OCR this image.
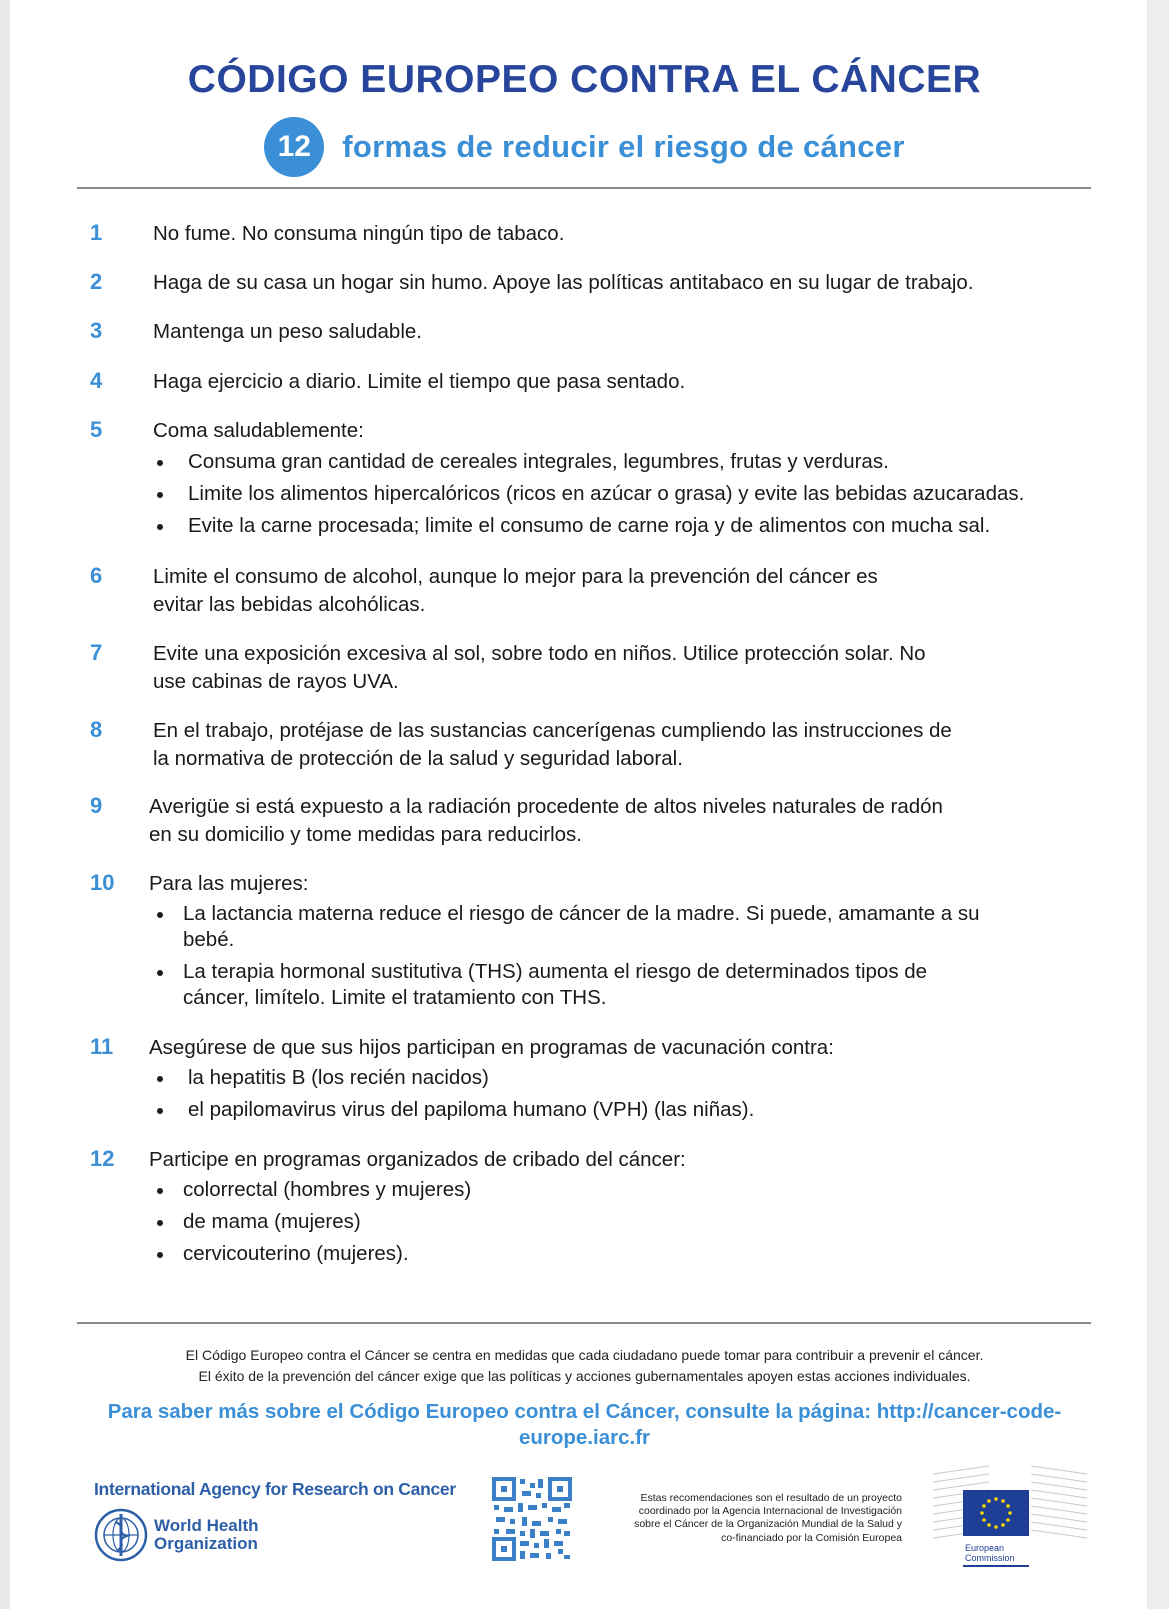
CÓDIGO EUROPEO CONTRA EL CÁNCER
12	formas de reducir el riesgo de cáncer
1 No fume. No consuma ningún tipo de tabaco.
2 Haga de su casa un hogar sin humo. Apoye las políticas antitabaco en su lugar de trabajo.
3 Mantenga un peso saludable.
4 Haga ejercicio a diario. Limite el tiempo que pasa sentado.
5 Coma saludablemente:
Consuma gran cantidad de cereales integrales, legumbres, frutas y verduras.
Limite los alimentos hipercalóricos (ricos en azúcar o grasa) y evite las bebidas azucaradas.
Evite la carne procesada; limite el consumo de carne roja y de alimentos con mucha sal.
6 Limite el consumo de alcohol, aunque lo mejor para la prevención del cáncer es
evitar las bebidas alcohólicas.
7 Evite una exposición excesiva al sol, sobre todo en niños. Utilice protección solar. No
use cabinas de rayos UVA.
8 En el trabajo, protéjase de las sustancias cancerígenas cumpliendo las instrucciones de
la normativa de protección de la salud y seguridad laboral.
9 Averigüe si está expuesto a la radiación procedente de altos niveles naturales de radón
en su domicilio y tome medidas para reducirlos.
10 Para las mujeres:
La lactancia materna reduce el riesgo de cáncer de la madre. Si puede, amamante a su bebé.
La terapia hormonal sustitutiva (THS) aumenta el riesgo de determinados tipos de cáncer, limítelo. Limite el tratamiento con THS.
11 Asegúrese de que sus hijos participan en programas de vacunación contra:
la hepatitis B (los recién nacidos)
el papilomavirus virus del papiloma humano (VPH) (las niñas).
12 Participe en programas organizados de cribado del cáncer:
colorrectal (hombres y mujeres)
de mama (mujeres)
cervicouterino (mujeres).
El Código Europeo contra el Cáncer se centra en medidas que cada ciudadano puede tomar para contribuir a prevenir el cáncer.
El éxito de la prevención del cáncer exige que las políticas y acciones gubernamentales apoyen estas acciones individuales.
Para saber más sobre el Código Europeo contra el Cáncer, consulte la página: http://cancer-code-europe.iarc.fr
International Agency for Research on Cancer
World Health
Organization
Estas recomendaciones son el resultado de un proyecto coordinado por la Agencia Internacional de Investigación sobre el Cáncer de la Organización Mundial de la Salud y co-financiado por la Comisión Europea
European
Commission
